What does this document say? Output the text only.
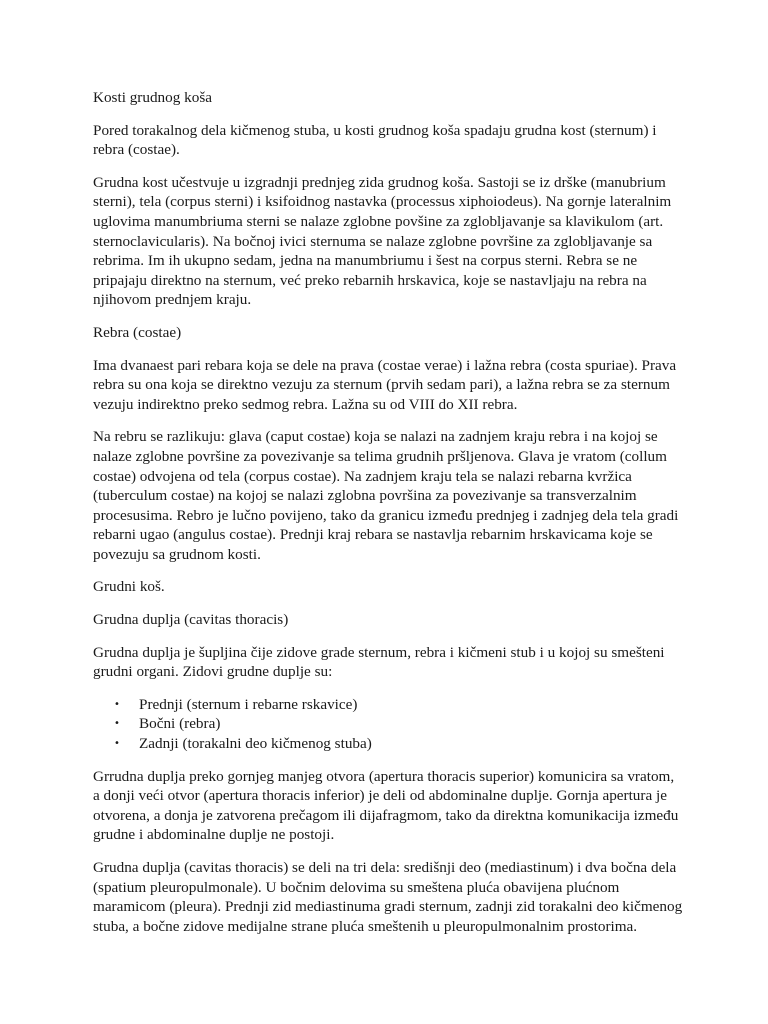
Kosti grudnog koša

Pored torakalnog dela kičmenog stuba, u kosti grudnog koša spadaju grudna kost (sternum) i rebra (costae).

Grudna kost učestvuje u izgradnji prednjeg zida grudnog koša. Sastoji se iz drške (manubrium sterni), tela (corpus sterni) i ksifoidnog nastavka (processus xiphoiodeus). Na gornje lateralnim uglovima manumbriuma sterni se nalaze zglobne povšine za zglobljavanje sa klavikulom (art. sternoclavicularis). Na bočnoj ivici sternuma se nalaze zglobne površine za zglobljavanje sa rebrima. Im ih ukupno sedam, jedna na manumbriumu i šest na corpus sterni. Rebra se ne pripajaju direktno na sternum, već preko rebarnih hrskavica, koje se nastavljaju na rebra na njihovom prednjem kraju.

Rebra (costae)

Ima dvanaest pari rebara koja se dele na prava (costae verae) i lažna rebra (costa spuriae). Prava rebra su ona koja se direktno vezuju za sternum (prvih sedam pari), a lažna rebra se za sternum vezuju indirektno preko sedmog rebra. Lažna su od VIII do XII rebra.

Na rebru se razlikuju: glava (caput costae) koja se nalazi na zadnjem kraju rebra i na kojoj se nalaze zglobne površine za povezivanje sa telima grudnih pršljenova. Glava je vratom (collum costae) odvojena od tela (corpus costae). Na zadnjem kraju tela se nalazi rebarna kvržica (tuberculum costae) na kojoj se nalazi zglobna površina za povezivanje sa transverzalnim procesusima. Rebro je lučno povijeno, tako da granicu između prednjeg i zadnjeg dela tela gradi rebarni ugao (angulus costae). Prednji kraj rebara se nastavlja rebarnim hrskavicama koje se povezuju sa grudnom kosti.

Grudni koš.

Grudna duplja (cavitas thoracis)

Grudna duplja je šupljina čije zidove grade sternum, rebra i kičmeni stub i u kojoj su smešteni grudni organi. Zidovi grudne duplje su:

• Prednji (sternum i rebarne rskavice)
• Bočni (rebra)
• Zadnji (torakalni deo kičmenog stuba)

Grrudna duplja preko gornjeg manjeg otvora (apertura thoracis superior) komunicira sa vratom, a donji veći otvor (apertura thoracis inferior) je deli od abdominalne duplje. Gornja apertura je otvorena, a donja je zatvorena prečagom ili dijafragmom, tako da direktna komunikacija između grudne i abdominalne duplje ne postoji.

Grudna duplja (cavitas thoracis) se deli na tri dela: središnji deo (mediastinum) i dva bočna dela (spatium pleuropulmonale). U bočnim delovima su smeštena pluća obavijena plućnom maramicom (pleura). Prednji zid mediastinuma gradi sternum, zadnji zid torakalni deo kičmenog stuba, a bočne zidove medijalne strane pluća smeštenih u pleuropulmonalnim prostorima.
